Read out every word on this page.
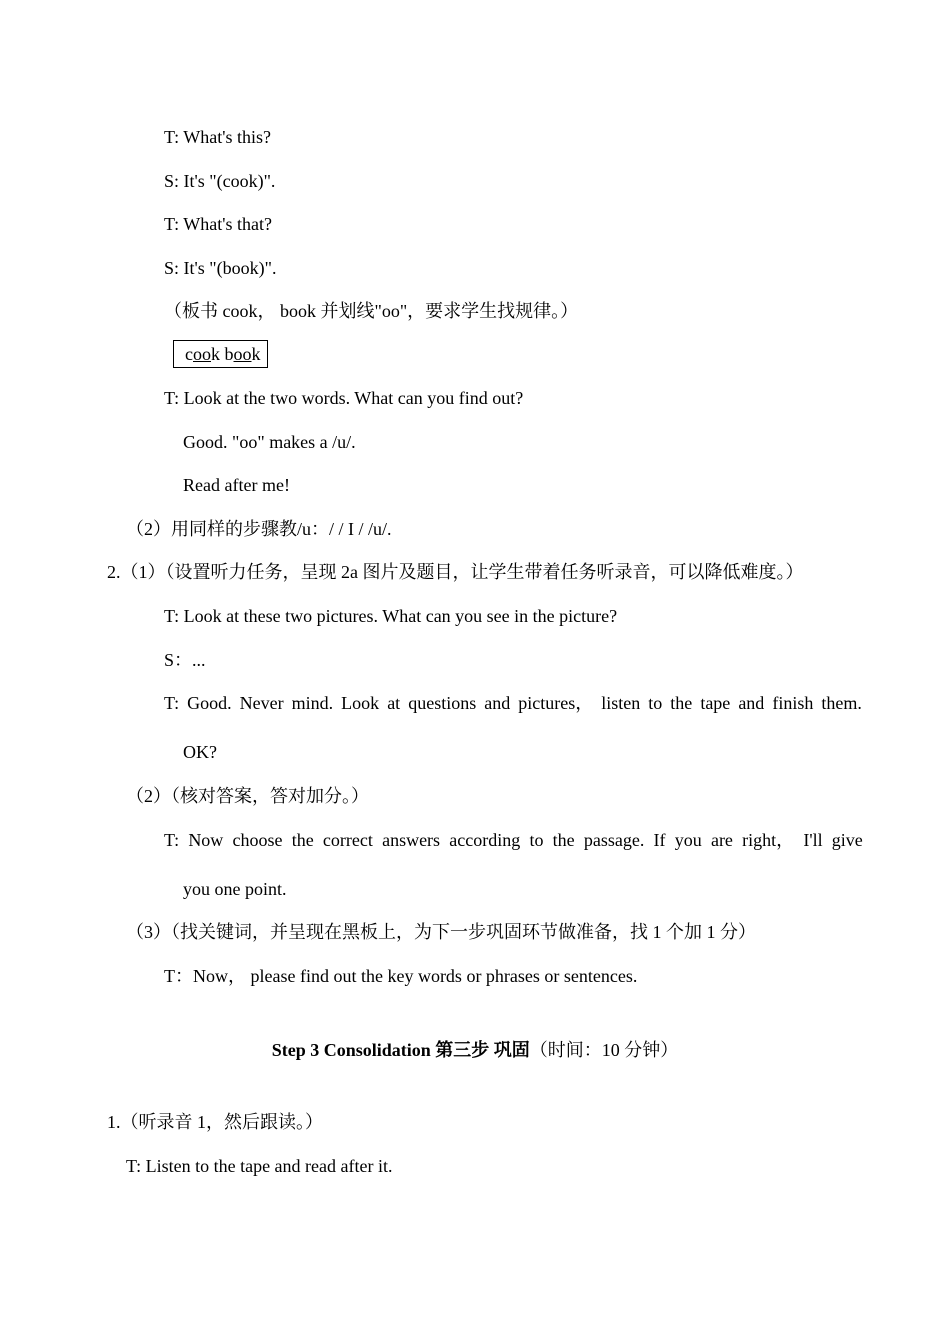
T: What's this?
S: It's "(cook)".
T: What's that?
S: It's "(book)".
（板书 cook， book 并划线"oo"，要求学生找规律。）
cook book
T: Look at the two words. What can you find out?
Good. "oo" makes a /u/.
Read after me!
（2）用同样的步骤教/u：/ / I / /u/.
2.（1）（设置听力任务，呈现 2a 图片及题目，让学生带着任务听录音，可以降低难度。）
T: Look at these two pictures. What can you see in the picture?
S：...
T: Good. Never mind. Look at questions and pictures， listen to the tape and finish them.
OK?
（2）（核对答案，答对加分。）
T: Now choose the correct answers according to the passage. If you are right， I'll give
you one point.
（3）（找关键词，并呈现在黑板上，为下一步巩固环节做准备，找 1 个加 1 分）
T：Now， please find out the key words or phrases or sentences.
Step 3 Consolidation 第三步 巩固（时间：10 分钟）
1.（听录音 1，然后跟读。）
T: Listen to the tape and read after it.
